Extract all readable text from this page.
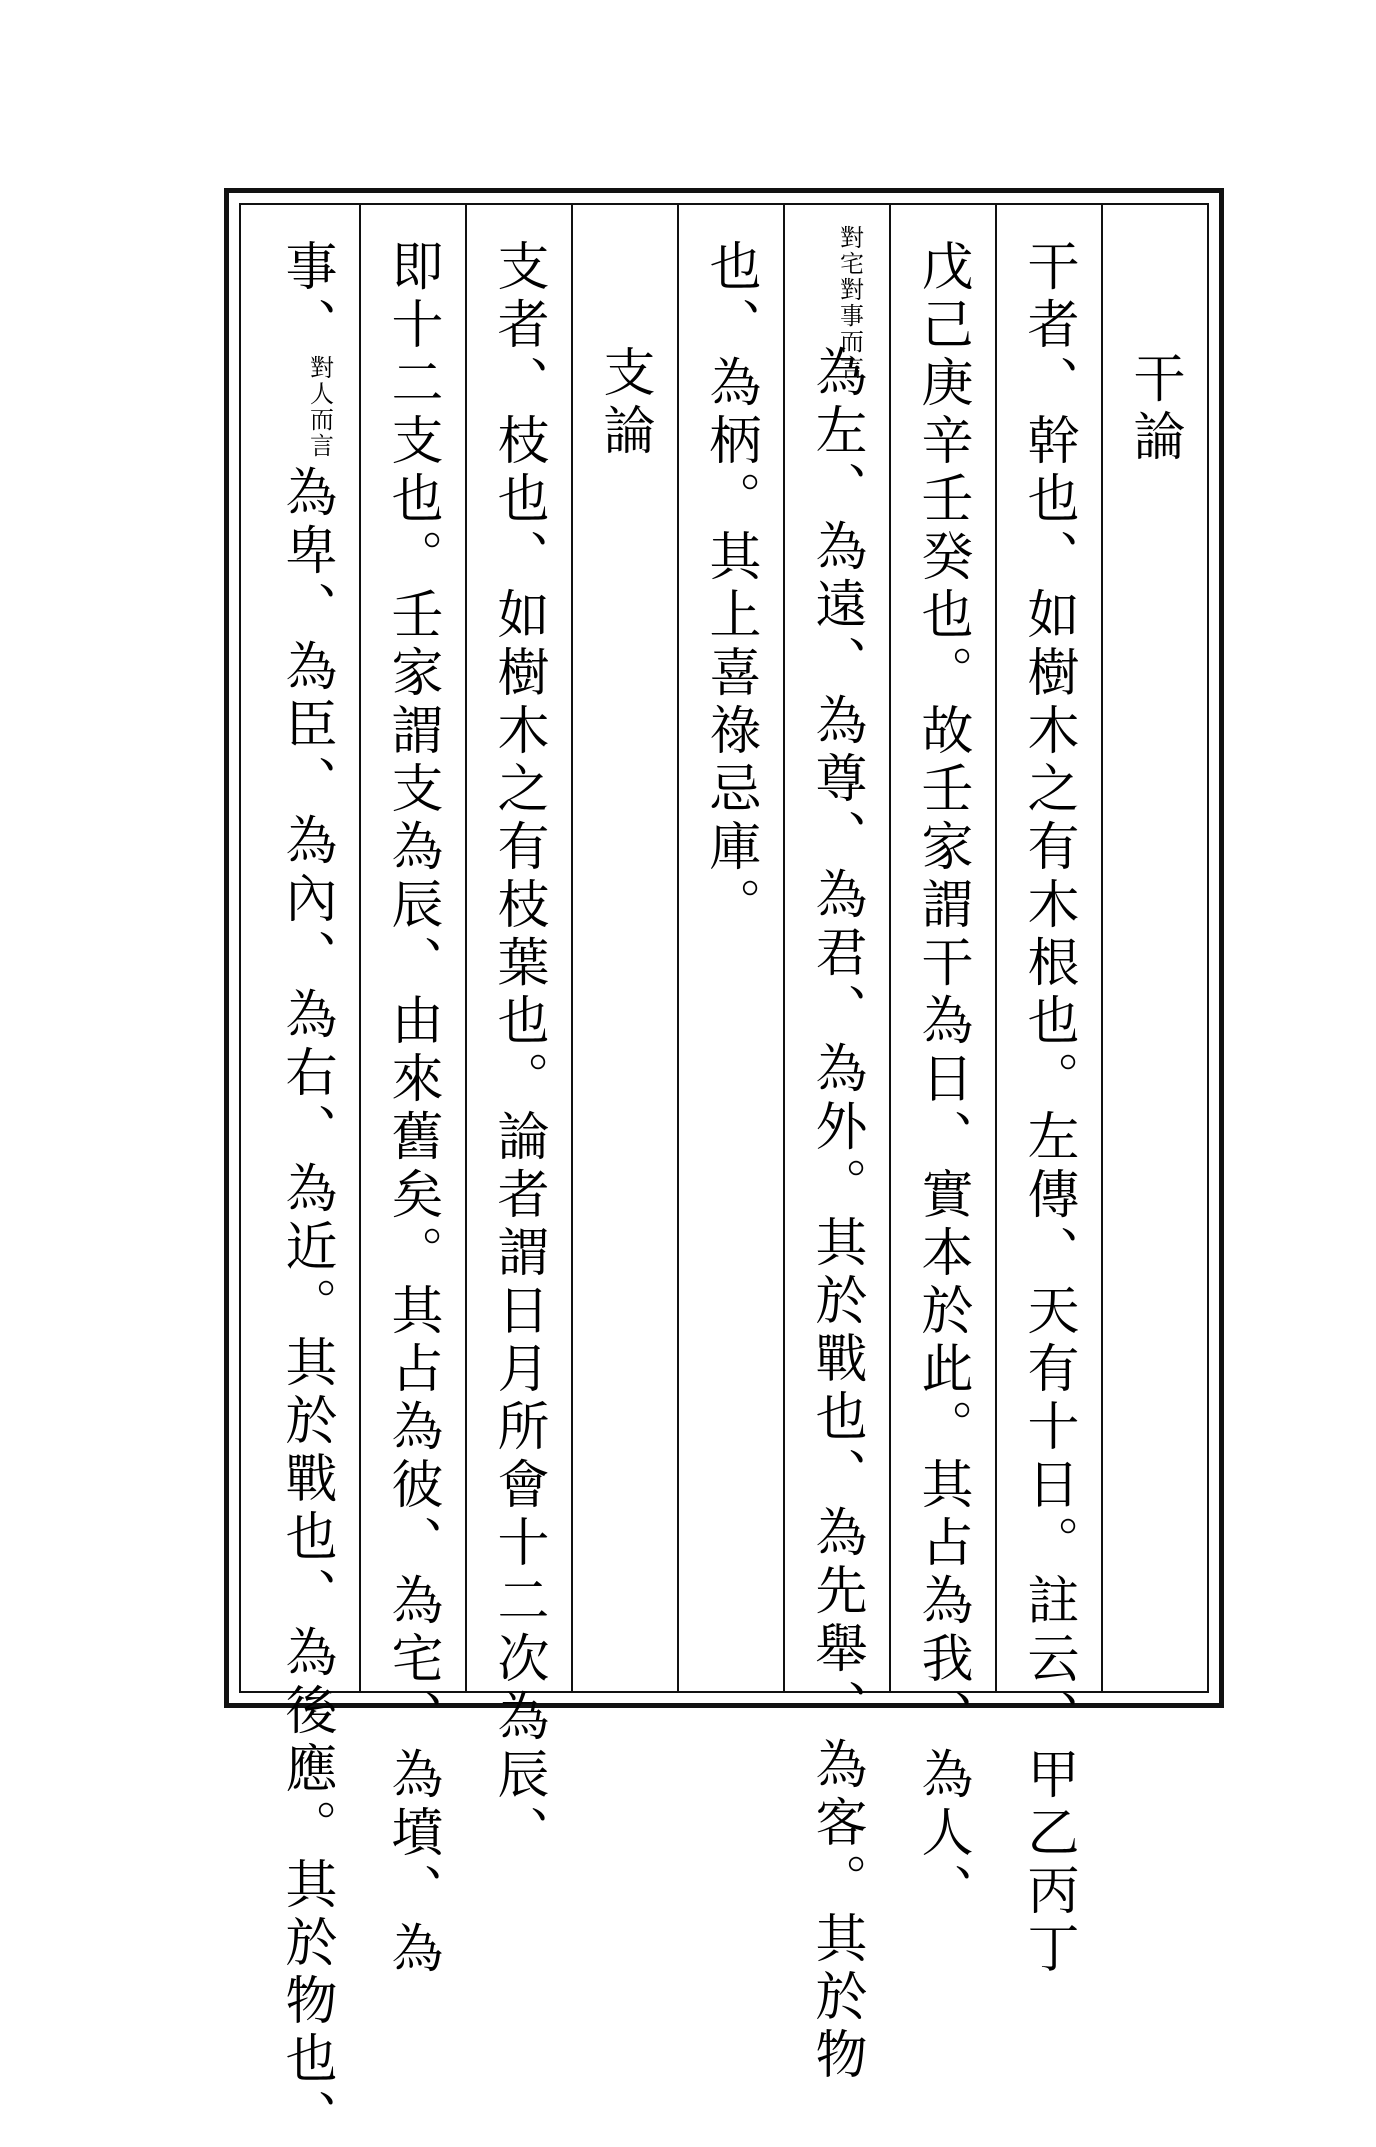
干論
干者、幹也、如樹木之有木根也。左傳、天有十日。註云、甲乙丙丁
戊己庚辛壬癸也。故壬家謂干為日、實本於此。其占為我、為人、
對宅對事而言為左、為遠、為尊、為君、為外。其於戰也、為先舉、為客。其於物
也、為柄。其上喜祿忌庫。
支論
支者、枝也、如樹木之有枝葉也。論者謂日月所會十二次為辰、
即十二支也。壬家謂支為辰、由來舊矣。其占為彼、為宅、為墳、為
事、對人而言為卑、為臣、為內、為右、為近。其於戰也、為後應。其於物也、
